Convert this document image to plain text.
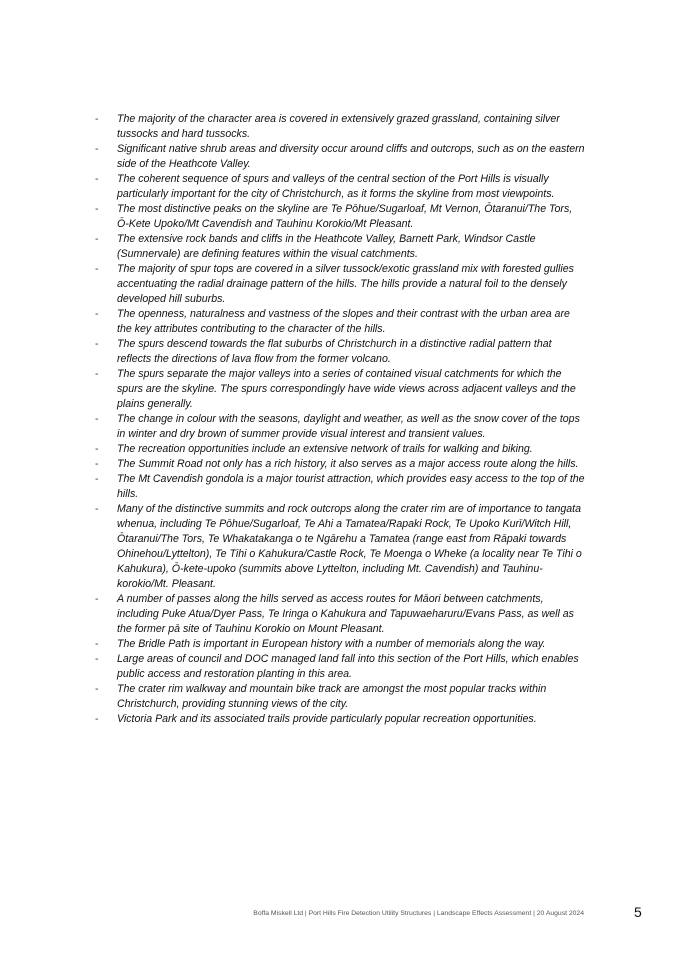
- The majority of the character area is covered in extensively grazed grassland, containing silver tussocks and hard tussocks.
- Significant native shrub areas and diversity occur around cliffs and outcrops, such as on the eastern side of the Heathcote Valley.
- The coherent sequence of spurs and valleys of the central section of the Port Hills is visually particularly important for the city of Christchurch, as it forms the skyline from most viewpoints.
- The most distinctive peaks on the skyline are Te Pōhue/Sugarloaf, Mt Vernon, Ōtaranui/The Tors, Ō-Kete Upoko/Mt Cavendish and Tauhinu Korokio/Mt Pleasant.
- The extensive rock bands and cliffs in the Heathcote Valley, Barnett Park, Windsor Castle (Sumnervale) are defining features within the visual catchments.
- The majority of spur tops are covered in a silver tussock/exotic grassland mix with forested gullies accentuating the radial drainage pattern of the hills. The hills provide a natural foil to the densely developed hill suburbs.
- The openness, naturalness and vastness of the slopes and their contrast with the urban area are the key attributes contributing to the character of the hills.
- The spurs descend towards the flat suburbs of Christchurch in a distinctive radial pattern that reflects the directions of lava flow from the former volcano.
- The spurs separate the major valleys into a series of contained visual catchments for which the spurs are the skyline. The spurs correspondingly have wide views across adjacent valleys and the plains generally.
- The change in colour with the seasons, daylight and weather, as well as the snow cover of the tops in winter and dry brown of summer provide visual interest and transient values.
- The recreation opportunities include an extensive network of trails for walking and biking.
- The Summit Road not only has a rich history, it also serves as a major access route along the hills.
- The Mt Cavendish gondola is a major tourist attraction, which provides easy access to the top of the hills.
- Many of the distinctive summits and rock outcrops along the crater rim are of importance to tangata whenua, including Te Pōhue/Sugarloaf, Te Ahi a Tamatea/Rapaki Rock, Te Upoko Kurī/Witch Hill, Ōtaranui/The Tors, Te Whakatakanga o te Ngārehu a Tamatea (range east from Rāpaki towards Ohinehou/Lyttelton), Te Tihi o Kahukura/Castle Rock, Te Moenga o Wheke (a locality near Te Tihi o Kahukura), Ō-kete-upoko (summits above Lyttelton, including Mt. Cavendish) and Tauhinu-korokio/Mt. Pleasant.
- A number of passes along the hills served as access routes for Māori between catchments, including Puke Atua/Dyer Pass, Te Iringa o Kahukura and Tapuwaeharuru/Evans Pass, as well as the former pā site of Tauhinu Korokio on Mount Pleasant.
- The Bridle Path is important in European history with a number of memorials along the way.
- Large areas of council and DOC managed land fall into this section of the Port Hills, which enables public access and restoration planting in this area.
- The crater rim walkway and mountain bike track are amongst the most popular tracks within Christchurch, providing stunning views of the city.
- Victoria Park and its associated trails provide particularly popular recreation opportunities.
Boffa Miskell Ltd | Port Hills Fire Detection Utility Structures | Landscape Effects Assessment | 20 August 2024	5
